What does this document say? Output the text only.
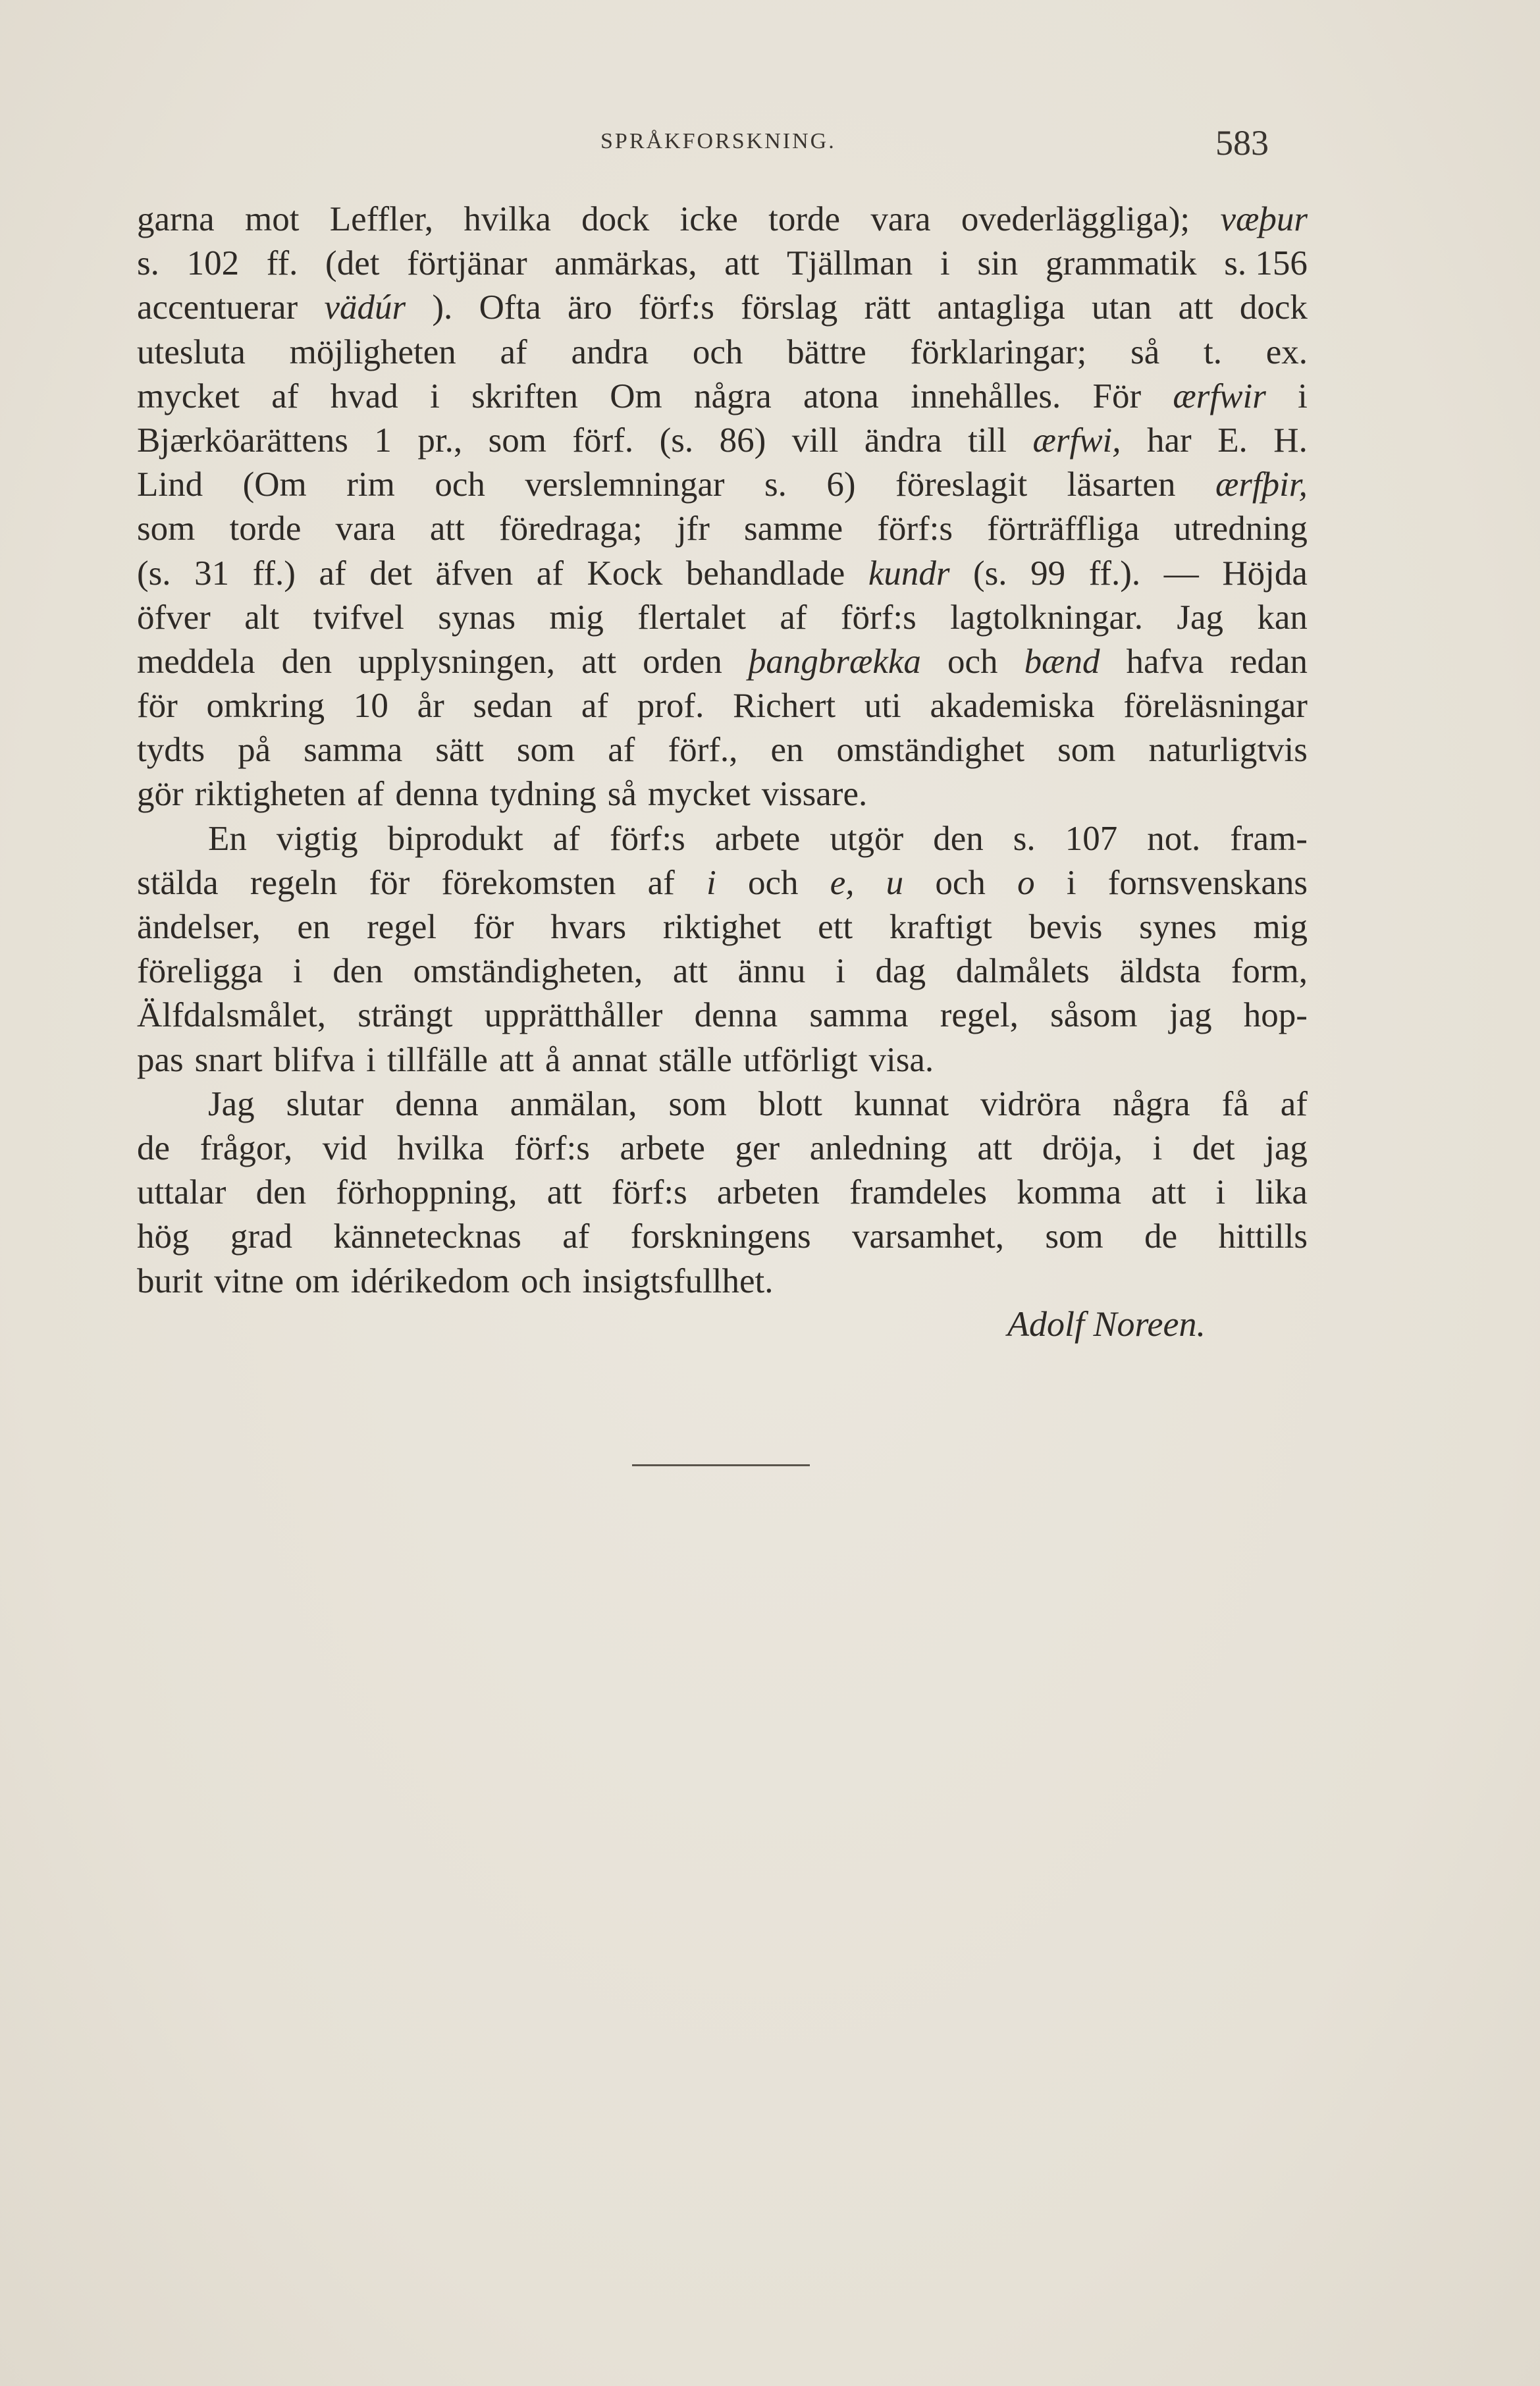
SPRÅKFORSKNING.	583
garna mot Leffler, hvilka dock icke torde vara ovederläggliga); væþur
s. 102 ff. (det förtjänar anmärkas, att Tjällman i sin grammatik s. 156
accentuerar vädúr ). Ofta äro förf:s förslag rätt antagliga utan att dock
utesluta möjligheten af andra och bättre förklaringar; så t. ex.
mycket af hvad i skriften Om några atona innehålles. För ærfwir i
Bjærköarättens 1 pr., som förf. (s. 86) vill ändra till ærfwi, har E. H.
Lind (Om rim och verslemningar s. 6) föreslagit läsarten ærfþir,
som torde vara att föredraga; jfr samme förf:s förträffliga utredning
(s. 31 ff.) af det äfven af Kock behandlade kundr (s. 99 ff.). — Höjda
öfver alt tvifvel synas mig flertalet af förf:s lagtolkningar. Jag kan
meddela den upplysningen, att orden þangbrækka och bænd hafva redan
för omkring 10 år sedan af prof. Richert uti akademiska föreläsningar
tydts på samma sätt som af förf., en omständighet som naturligtvis
gör riktigheten af denna tydning så mycket vissare.
En vigtig biprodukt af förf:s arbete utgör den s. 107 not. fram-
stälda regeln för förekomsten af i och e, u och o i fornsvenskans
ändelser, en regel för hvars riktighet ett kraftigt bevis synes mig
föreligga i den omständigheten, att ännu i dag dalmålets äldsta form,
Älfdalsmålet, strängt upprätthåller denna samma regel, såsom jag hop-
pas snart blifva i tillfälle att å annat ställe utförligt visa.
Jag slutar denna anmälan, som blott kunnat vidröra några få af
de frågor, vid hvilka förf:s arbete ger anledning att dröja, i det jag
uttalar den förhoppning, att förf:s arbeten framdeles komma att i lika
hög grad kännetecknas af forskningens varsamhet, som de hittills
burit vitne om idérikedom och insigtsfullhet.
Adolf Noreen.
